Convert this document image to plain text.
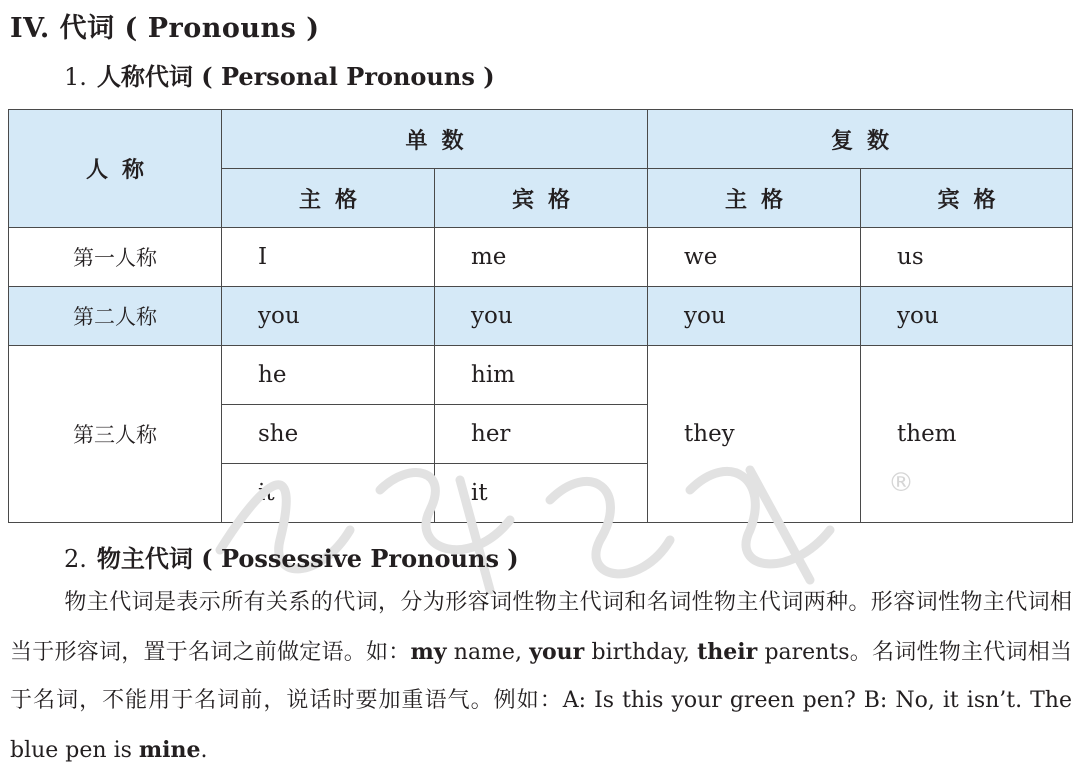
IV. 代词 ( Pronouns )
1. 人称代词 ( Personal Pronouns )
人称	单数		复数	
	主格	宾格	主格	宾格
第一人称	I	me	we	us
第二人称	you	you	you	you
第三人称	he	him	they	them
	she	her		
	it	it			®
2. 物主代词 ( Possessive Pronouns )
物主代词是表示所有关系的代词，分为形容词性物主代词和名词性物主代词两种。形容词性物主代词相当于形容词，置于名词之前做定语。如：my name, your birthday, their parents。名词性物主代词相当于名词，不能用于名词前，说话时要加重语气。例如：A: Is this your green pen? B: No, it isn’t. The blue pen is mine.
